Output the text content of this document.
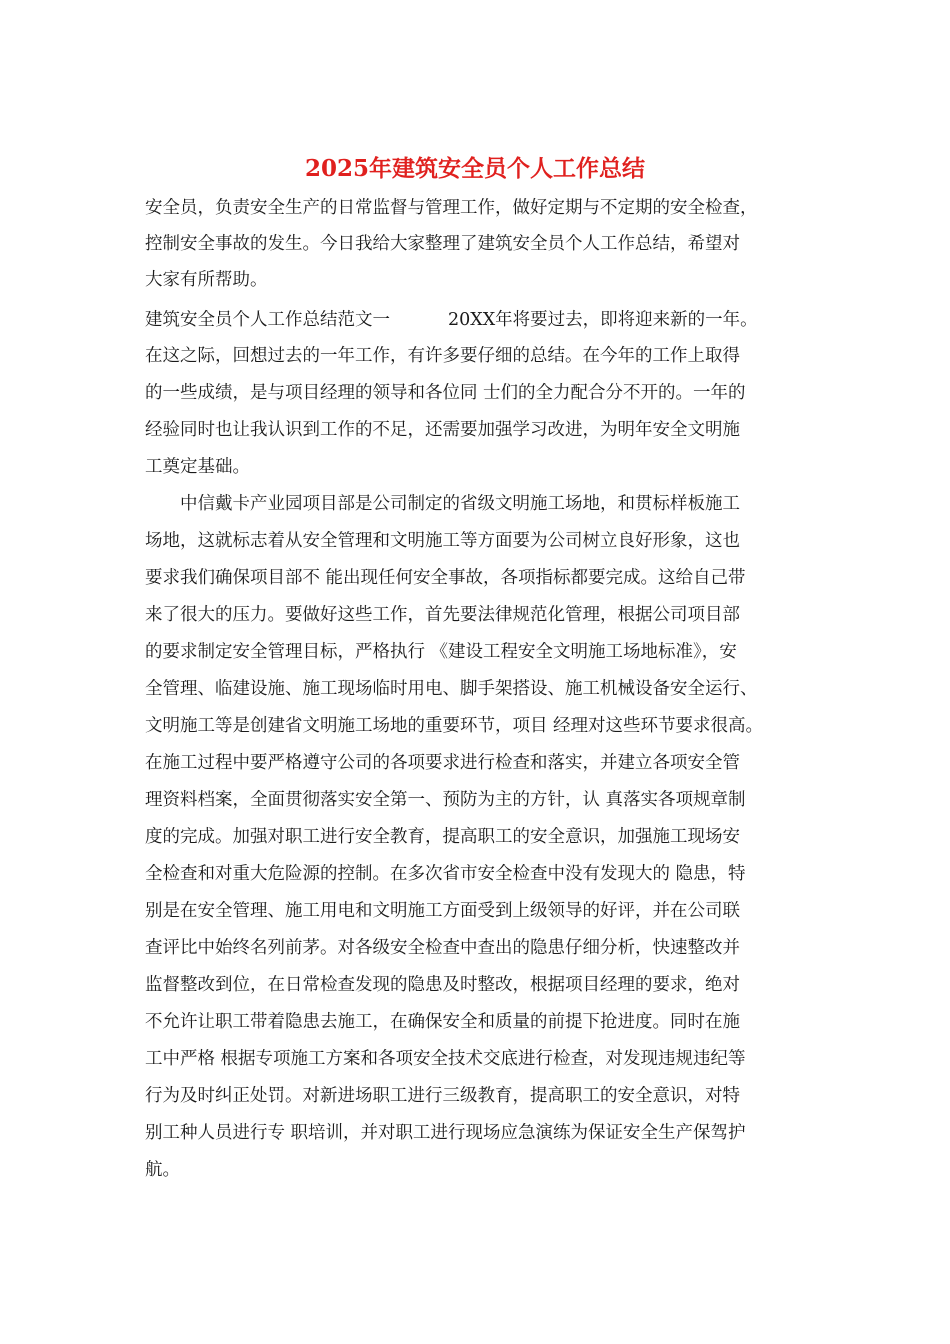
2025年建筑安全员个人工作总结
安全员，负责安全生产的日常监督与管理工作，做好定期与不定期的安全检查，
控制安全事故的发生。今日我给大家整理了建筑安全员个人工作总结，希望对
大家有所帮助。
建筑安全员个人工作总结范文一	20XX年将要过去，即将迎来新的一年。
在这之际，回想过去的一年工作，有许多要仔细的总结。在今年的工作上取得
的一些成绩，是与项目经理的领导和各位同 士们的全力配合分不开的。一年的
经验同时也让我认识到工作的不足，还需要加强学习改进，为明年安全文明施
工奠定基础。
中信戴卡产业园项目部是公司制定的省级文明施工场地，和贯标样板施工
场地，这就标志着从安全管理和文明施工等方面要为公司树立良好形象，这也
要求我们确保项目部不 能出现任何安全事故，各项指标都要完成。这给自己带
来了很大的压力。要做好这些工作，首先要法律规范化管理，根据公司项目部
的要求制定安全管理目标，严格执行 《建设工程安全文明施工场地标准》，安
全管理、临建设施、施工现场临时用电、脚手架搭设、施工机械设备安全运行、
文明施工等是创建省文明施工场地的重要环节，项目 经理对这些环节要求很高。
在施工过程中要严格遵守公司的各项要求进行检查和落实，并建立各项安全管
理资料档案，全面贯彻落实安全第一、预防为主的方针，认 真落实各项规章制
度的完成。加强对职工进行安全教育，提高职工的安全意识，加强施工现场安
全检查和对重大危险源的控制。在多次省市安全检查中没有发现大的 隐患，特
别是在安全管理、施工用电和文明施工方面受到上级领导的好评，并在公司联
查评比中始终名列前茅。对各级安全检查中查出的隐患仔细分析，快速整改并
监督整改到位，在日常检查发现的隐患及时整改，根据项目经理的要求，绝对
不允许让职工带着隐患去施工，在确保安全和质量的前提下抢进度。同时在施
工中严格 根据专项施工方案和各项安全技术交底进行检查，对发现违规违纪等
行为及时纠正处罚。对新进场职工进行三级教育，提高职工的安全意识，对特
别工种人员进行专 职培训，并对职工进行现场应急演练为保证安全生产保驾护
航。
